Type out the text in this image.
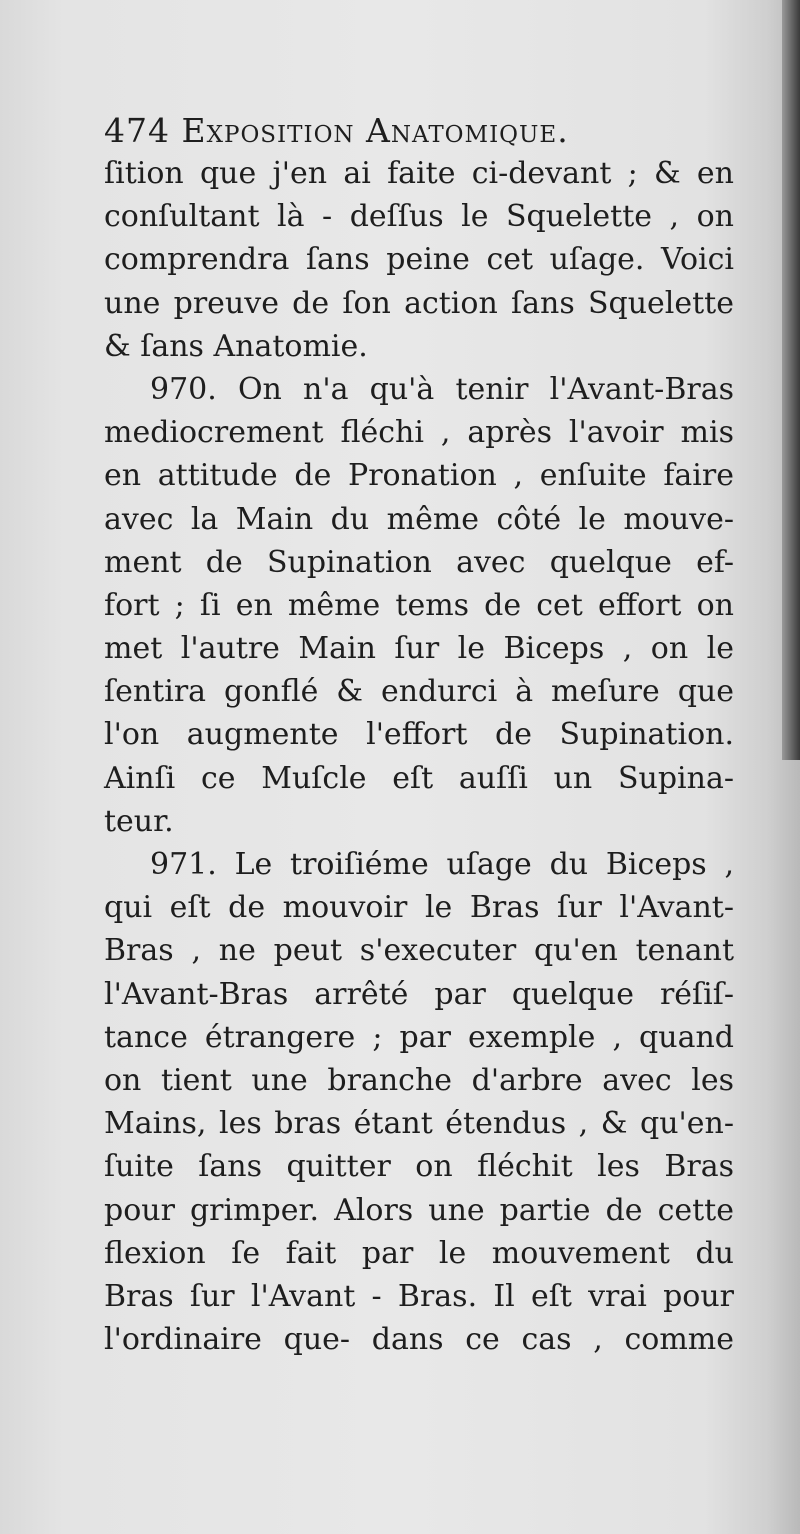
474 Exposition Anatomique.
ſition que j'en ai faite ci-devant ; & en
conſultant là - deſſus le Squelette , on
comprendra ſans peine cet uſage. Voici
une preuve de ſon action ſans Squelette
& ſans Anatomie.
970. On n'a qu'à tenir l'Avant-Bras
mediocrement fléchi , après l'avoir mis
en attitude de Pronation , enſuite faire
avec la Main du même côté le mouve-
ment de Supination avec quelque ef-
fort ; ſi en même tems de cet effort on
met l'autre Main ſur le Biceps , on le
ſentira gonflé & endurci à meſure que
l'on augmente l'effort de Supination.
Ainſi ce Muſcle eſt auſſi un Supina-
teur.
971. Le troiſiéme uſage du Biceps ,
qui eſt de mouvoir le Bras ſur l'Avant-
Bras , ne peut s'executer qu'en tenant
l'Avant-Bras arrêté par quelque réſiſ-
tance étrangere ; par exemple , quand
on tient une branche d'arbre avec les
Mains, les bras étant étendus , & qu'en-
ſuite ſans quitter on fléchit les Bras
pour grimper. Alors une partie de cette
flexion ſe fait par le mouvement du
Bras ſur l'Avant - Bras. Il eſt vrai pour
l'ordinaire que- dans ce cas , comme
